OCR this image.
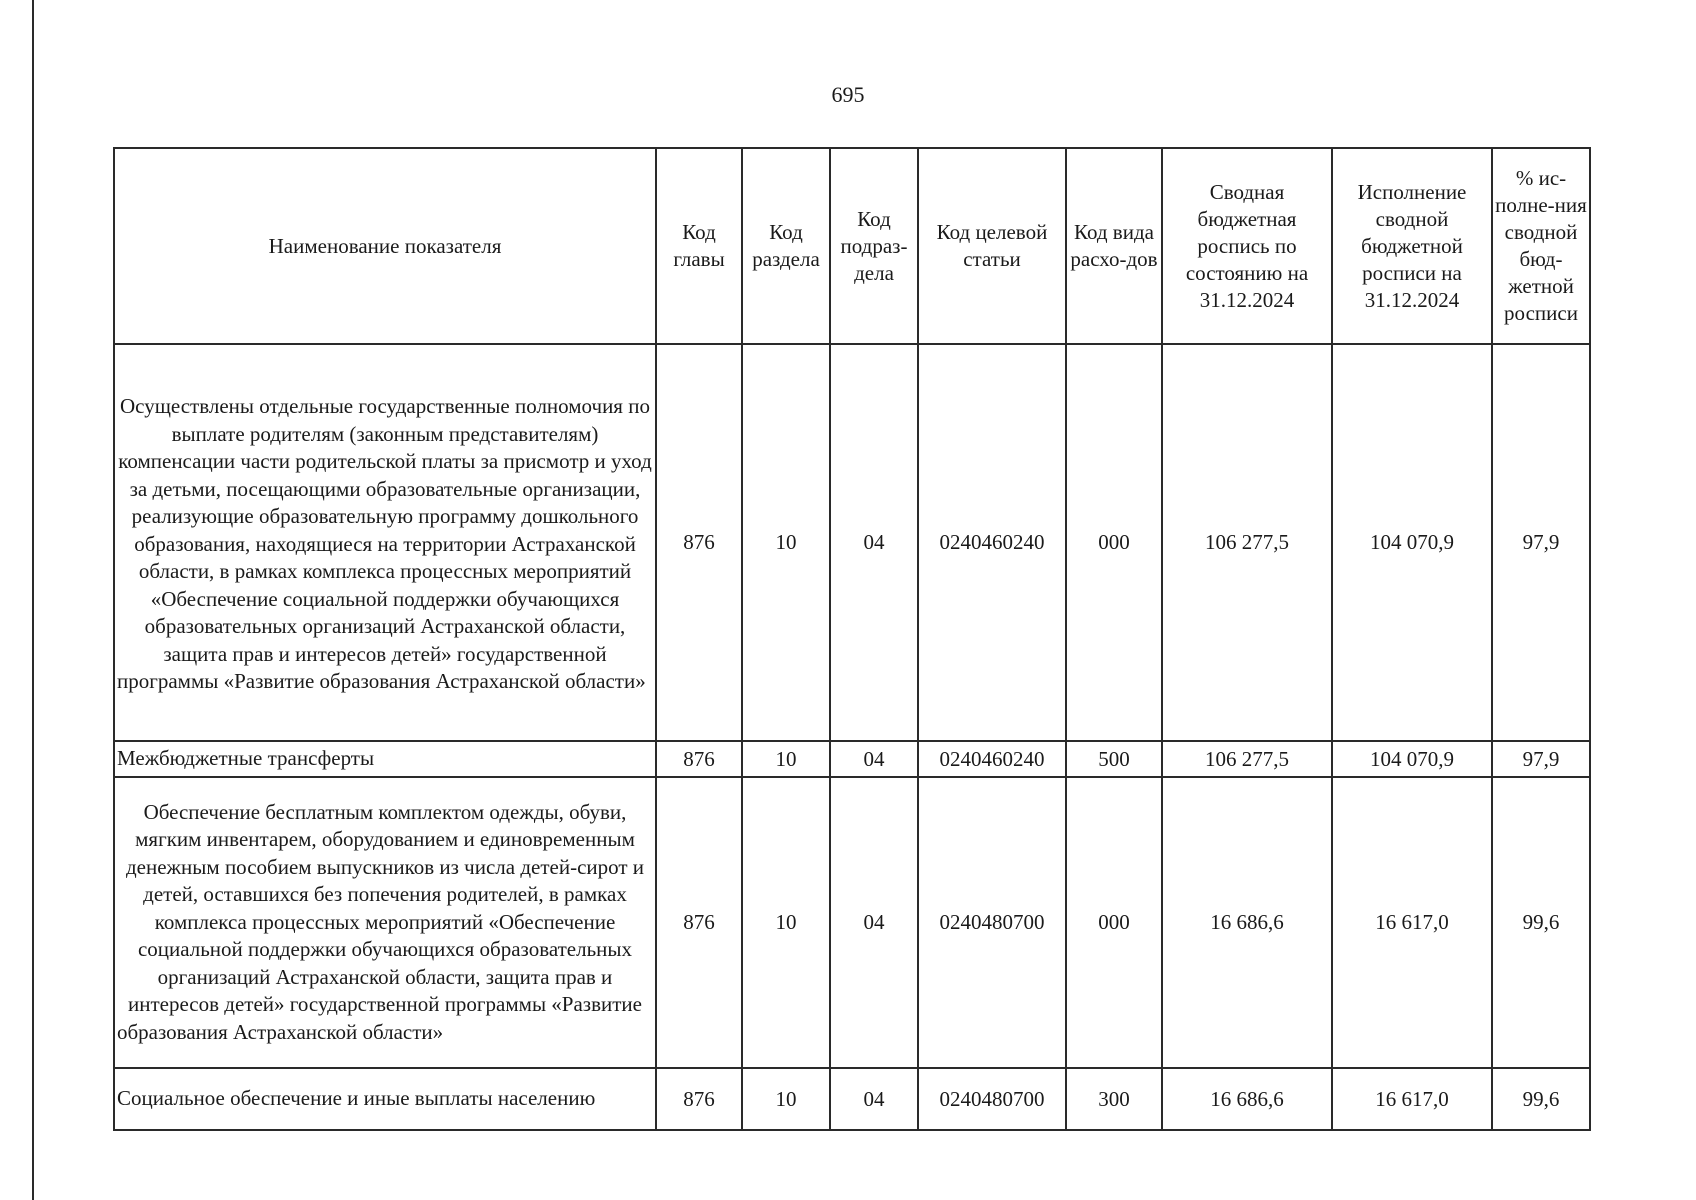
695
Наименование показателя	Код главы	Код раздела	Код подраз-дела	Код целевой статьи	Код вида расхо-дов	Сводная бюджетная роспись по состоянию на 31.12.2024	Исполнение сводной бюджетной росписи на 31.12.2024	% ис-полне-ния сводной бюд-жетной росписи
Осуществлены отдельные государственные полномочия по выплате родителям (законным представителям) компенсации части родительской платы за присмотр и уход за детьми, посещающими образовательные организации, реализующие образовательную программу дошкольного образования, находящиеся на территории Астраханской области, в рамках комплекса процессных мероприятий «Обеспечение социальной поддержки обучающихся образовательных организаций Астраханской области, защита прав и интересов детей» государственной программы «Развитие образования Астраханской области»	876	10	04	0240460240	000	106 277,5	104 070,9	97,9
Межбюджетные трансферты	876	10	04	0240460240	500	106 277,5	104 070,9	97,9
Обеспечение бесплатным комплектом одежды, обуви, мягким инвентарем, оборудованием и единовременным денежным пособием выпускников из числа детей-сирот и детей, оставшихся без попечения родителей, в рамках комплекса процессных мероприятий «Обеспечение социальной поддержки обучающихся образовательных организаций Астраханской области, защита прав и интересов детей» государственной программы «Развитие образования Астраханской области»	876	10	04	0240480700	000	16 686,6	16 617,0	99,6
Социальное обеспечение и иные выплаты населению	876	10	04	0240480700	300	16 686,6	16 617,0	99,6
